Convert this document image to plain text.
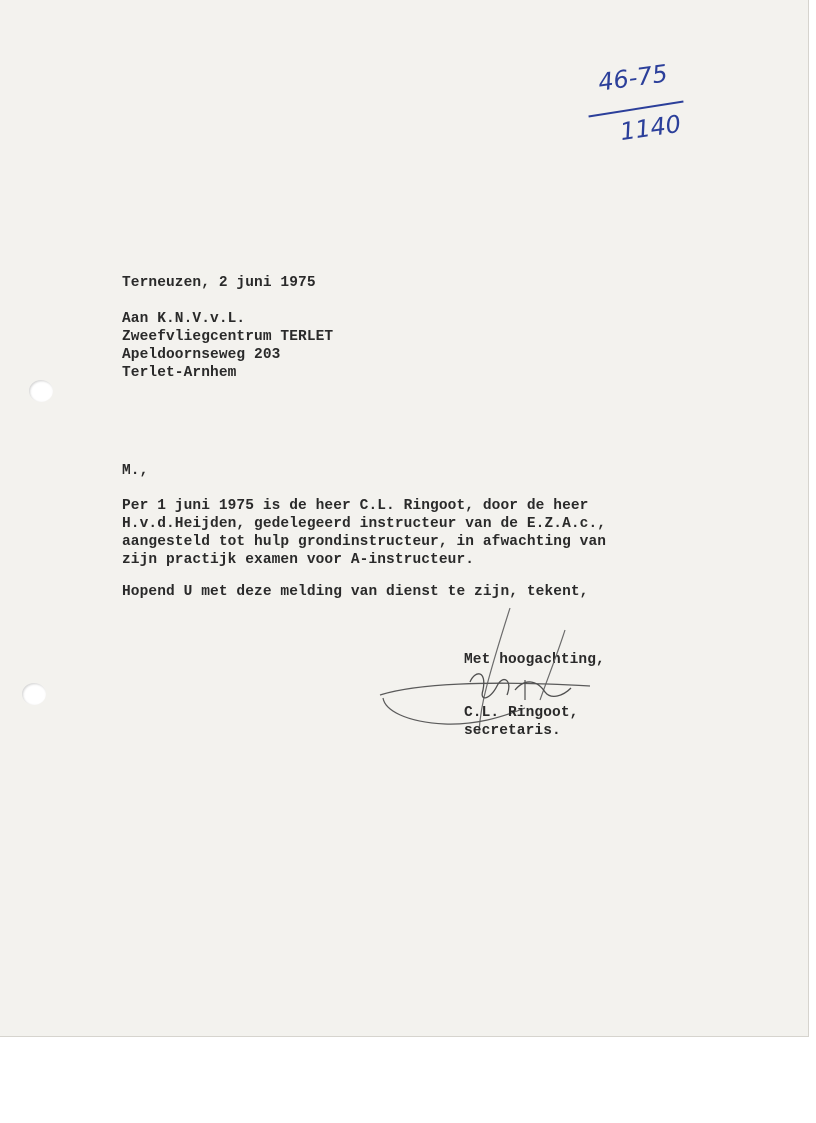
46-75
1140
Terneuzen, 2 juni 1975
Aan K.N.V.v.L.
Zweefvliegcentrum TERLET
Apeldoornseweg 203
Terlet-Arnhem
M.,
Per 1 juni 1975 is de heer C.L. Ringoot, door de heer
H.v.d.Heijden, gedelegeerd instructeur van de E.Z.A.c.,
aangesteld tot hulp grondinstructeur, in afwachting van
zijn practijk examen voor A-instructeur.
Hopend U met deze melding van dienst te zijn, tekent,
Met hoogachting,
C.L. Ringoot,
secretaris.
